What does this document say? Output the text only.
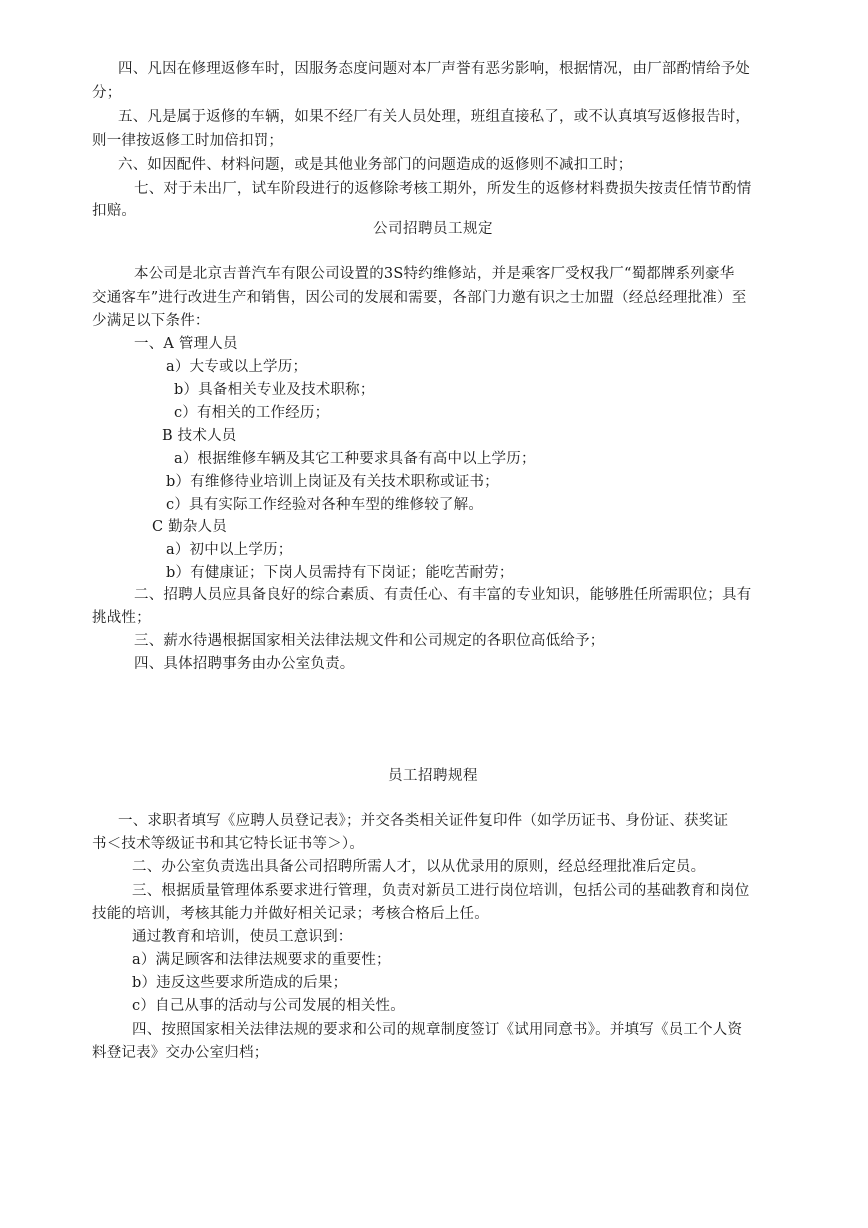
四、凡因在修理返修车时，因服务态度问题对本厂声誉有恶劣影响，根据情况，由厂部酌情给予处
分；
五、凡是属于返修的车辆，如果不经厂有关人员处理，班组直接私了，或不认真填写返修报告时，
则一律按返修工时加倍扣罚；
六、如因配件、材料问题，或是其他业务部门的问题造成的返修则不减扣工时；
七、对于未出厂，试车阶段进行的返修除考核工期外，所发生的返修材料费损失按责任情节酌情
扣赔。
公司招聘员工规定
本公司是北京吉普汽车有限公司设置的3S特约维修站，并是乘客厂受权我厂“蜀都牌系列豪华
交通客车”进行改进生产和销售，因公司的发展和需要，各部门力邀有识之士加盟（经总经理批准）至
少满足以下条件：
一、A 管理人员
a）大专或以上学历；
b）具备相关专业及技术职称；
c）有相关的工作经历；
B 技术人员
a）根据维修车辆及其它工种要求具备有高中以上学历；
b）有维修待业培训上岗证及有关技术职称或证书；
c）具有实际工作经验对各种车型的维修较了解。
C 勤杂人员
a）初中以上学历；
b）有健康证；下岗人员需持有下岗证；能吃苦耐劳；
二、招聘人员应具备良好的综合素质、有责任心、有丰富的专业知识，能够胜任所需职位；具有
挑战性；
三、薪水待遇根据国家相关法律法规文件和公司规定的各职位高低给予；
四、具体招聘事务由办公室负责。
员工招聘规程
一、求职者填写《应聘人员登记表》；并交各类相关证件复印件（如学历证书、身份证、获奖证
书＜技术等级证书和其它特长证书等＞）。
二、办公室负责选出具备公司招聘所需人才，以从优录用的原则，经总经理批准后定员。
三、根据质量管理体系要求进行管理，负责对新员工进行岗位培训，包括公司的基础教育和岗位
技能的培训，考核其能力并做好相关记录；考核合格后上任。
通过教育和培训，使员工意识到：
a）满足顾客和法律法规要求的重要性；
b）违反这些要求所造成的后果；
c）自己从事的活动与公司发展的相关性。
四、按照国家相关法律法规的要求和公司的规章制度签订《试用同意书》。并填写《员工个人资
料登记表》交办公室归档；
